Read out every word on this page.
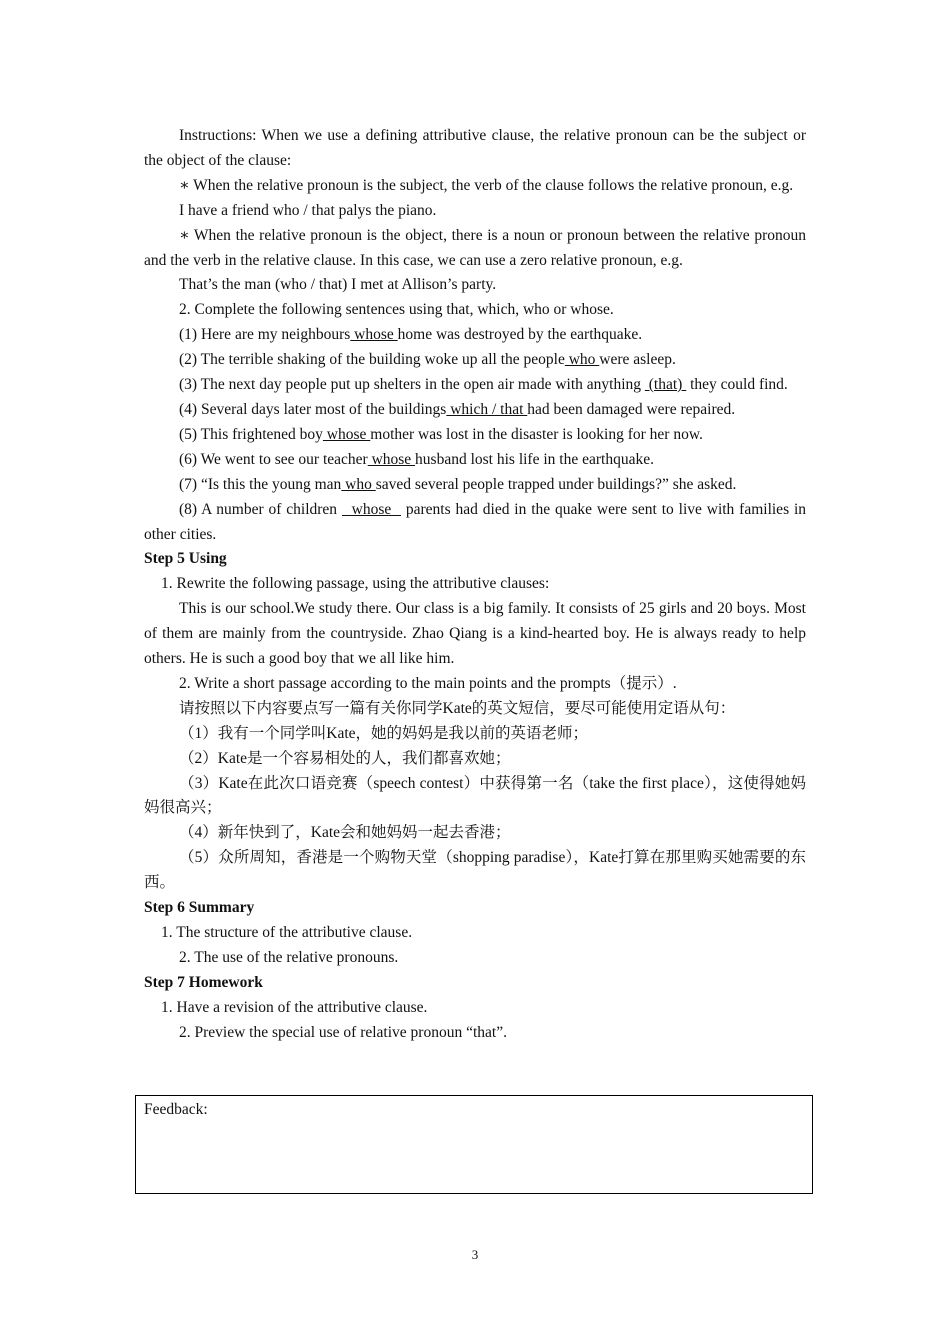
Instructions: When we use a defining attributive clause, the relative pronoun can be the subject or the object of the clause:

∗ When the relative pronoun is the subject, the verb of the clause follows the relative pronoun, e.g.

I have a friend who / that palys the piano.

∗ When the relative pronoun is the object, there is a noun or pronoun between the relative pronoun and the verb in the relative clause. In this case, we can use a zero relative pronoun, e.g.

That’s the man (who / that) I met at Allison’s party.

2. Complete the following sentences using that, which, who or whose.

(1) Here are my neighbours whose home was destroyed by the earthquake.

(2) The terrible shaking of the building woke up all the people who were asleep.

(3) The next day people put up shelters in the open air made with anything  (that)  they could find.

(4) Several days later most of the buildings which / that had been damaged were repaired.

(5) This frightened boy whose mother was lost in the disaster is looking for her now.

(6) We went to see our teacher whose husband lost his life in the earthquake.

(7) “Is this the young man who saved several people trapped under buildings?” she asked.

(8) A number of children   whose   parents had died in the quake were sent to live with families in other cities.

Step 5 Using

1. Rewrite the following passage, using the attributive clauses:

This is our school.We study there. Our class is a big family. It consists of 25 girls and 20 boys. Most of them are mainly from the countryside. Zhao Qiang is a kind-hearted boy. He is always ready to help others. He is such a good boy that we all like him.

2. Write a short passage according to the main points and the prompts（提示）.

请按照以下内容要点写一篇有关你同学Kate的英文短信，要尽可能使用定语从句：

（1）我有一个同学叫Kate，她的妈妈是我以前的英语老师；

（2）Kate是一个容易相处的人，我们都喜欢她；

（3）Kate在此次口语竞赛（speech contest）中获得第一名（take the first place），这使得她妈妈很高兴；

（4）新年快到了，Kate会和她妈妈一起去香港；

（5）众所周知，香港是一个购物天堂（shopping paradise），Kate打算在那里购买她需要的东西。

Step 6 Summary

1. The structure of the attributive clause.

2. The use of the relative pronouns.

Step 7 Homework

1. Have a revision of the attributive clause.

2. Preview the special use of relative pronoun “that”.

Feedback:
3
